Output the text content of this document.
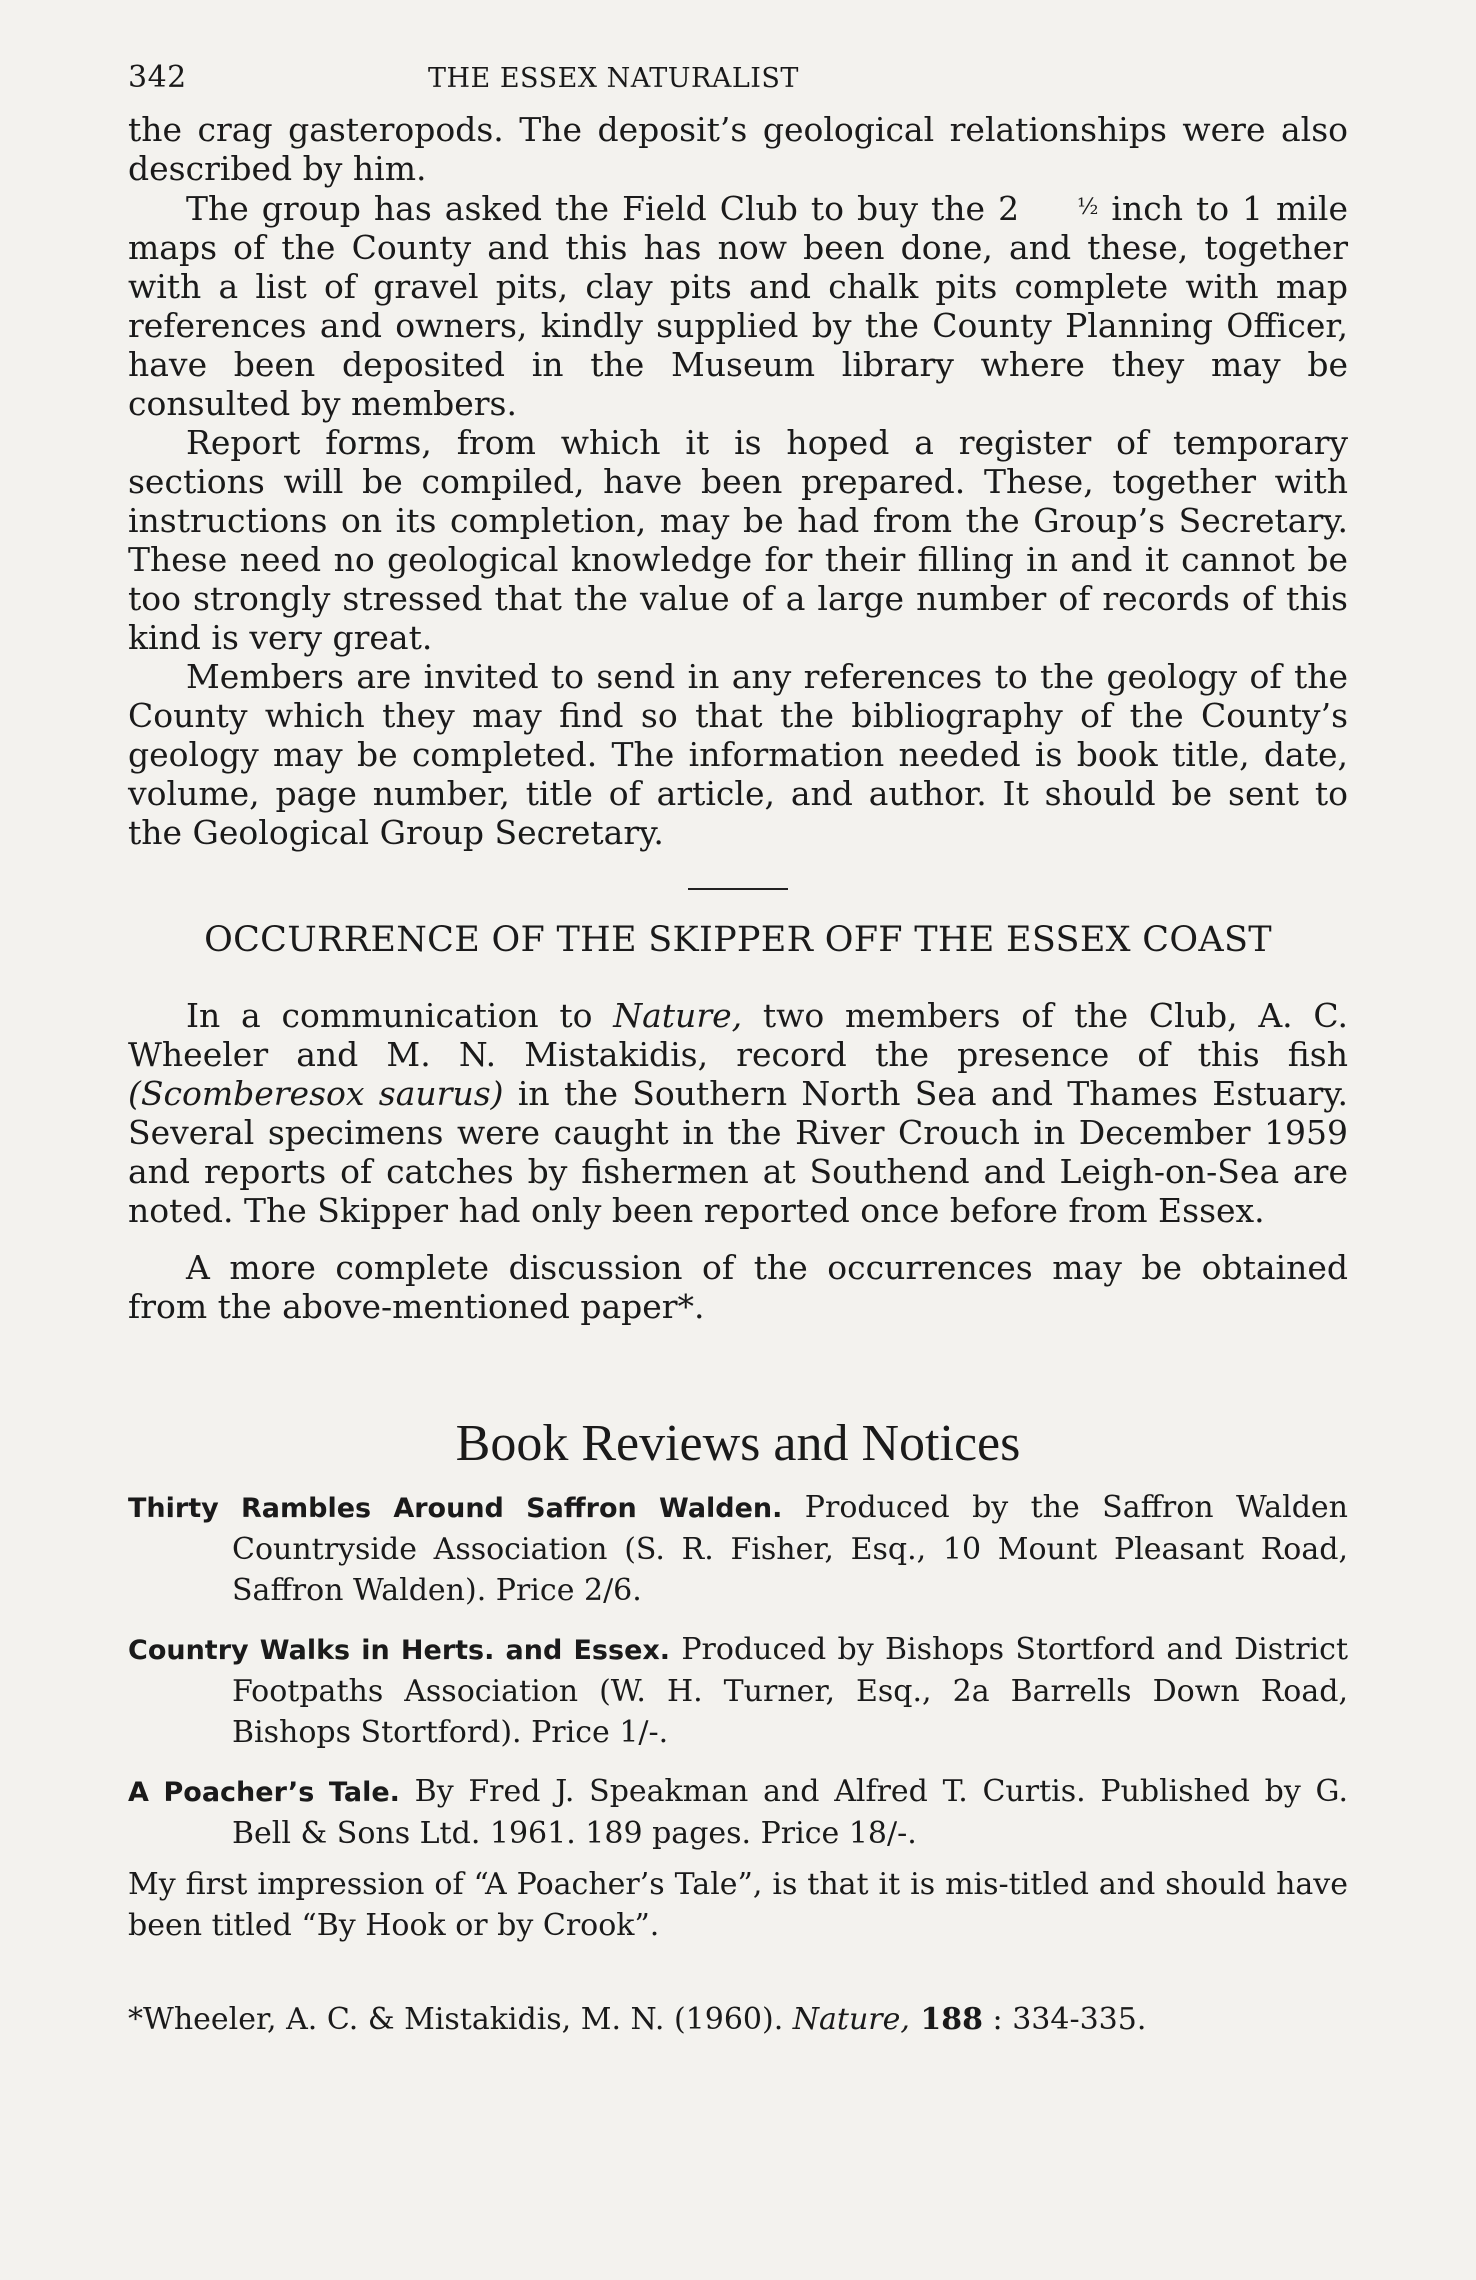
342	THE ESSEX NATURALIST

the crag gasteropods. The deposit’s geological relationships were also described by him.

The group has asked the Field Club to buy the 2	½ inch to 1 mile maps of the County and this has now been done, and these, together with a list of gravel pits, clay pits and chalk pits complete with map references and owners, kindly supplied by the County Planning Officer, have been deposited in the Museum library where they may be consulted by members.

Report forms, from which it is hoped a register of temporary sections will be compiled, have been prepared. These, together with instructions on its completion, may be had from the Group’s Secretary. These need no geological knowledge for their filling in and it cannot be too strongly stressed that the value of a large number of records of this kind is very great.

Members are invited to send in any references to the geology of the County which they may find so that the bibliography of the County’s geology may be completed. The information needed is book title, date, volume, page number, title of article, and author. It should be sent to the Geological Group Secretary.

OCCURRENCE OF THE SKIPPER OFF THE ESSEX COAST

In a communication to Nature, two members of the Club, A. C. Wheeler and M. N. Mistakidis, record the presence of this fish (Scomberesox saurus) in the Southern North Sea and Thames Estuary. Several specimens were caught in the River Crouch in December 1959 and reports of catches by fishermen at Southend and Leigh-on-Sea are noted. The Skipper had only been reported once before from Essex.

A more complete discussion of the occurrences may be obtained from the above-mentioned paper*.

Book Reviews and Notices

Thirty Rambles Around Saffron Walden. Produced by the Saffron Walden Countryside Association (S. R. Fisher, Esq., 10 Mount Pleasant Road, Saffron Walden). Price 2/6.

Country Walks in Herts. and Essex. Produced by Bishops Stortford and District Footpaths Association (W. H. Turner, Esq., 2a Barrells Down Road, Bishops Stortford). Price 1/-.

A Poacher’s Tale. By Fred J. Speakman and Alfred T. Curtis. Published by G. Bell & Sons Ltd. 1961. 189 pages. Price 18/-.

My first impression of “A Poacher’s Tale”, is that it is mis-titled and should have been titled “By Hook or by Crook”.

*Wheeler, A. C. & Mistakidis, M. N. (1960). Nature, 188 : 334-335.
